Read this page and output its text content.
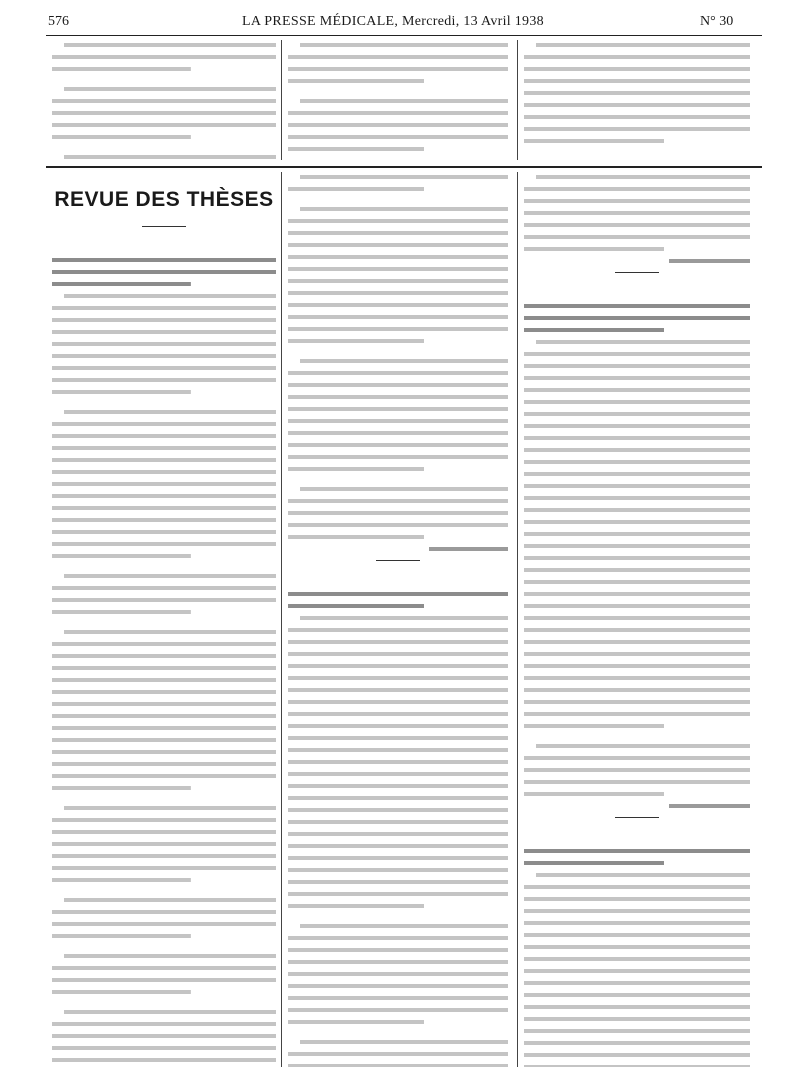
576	LA PRESSE MÉDICALE, Mercredi, 13 Avril 1938	N° 30
REVUE DES THÈSES
